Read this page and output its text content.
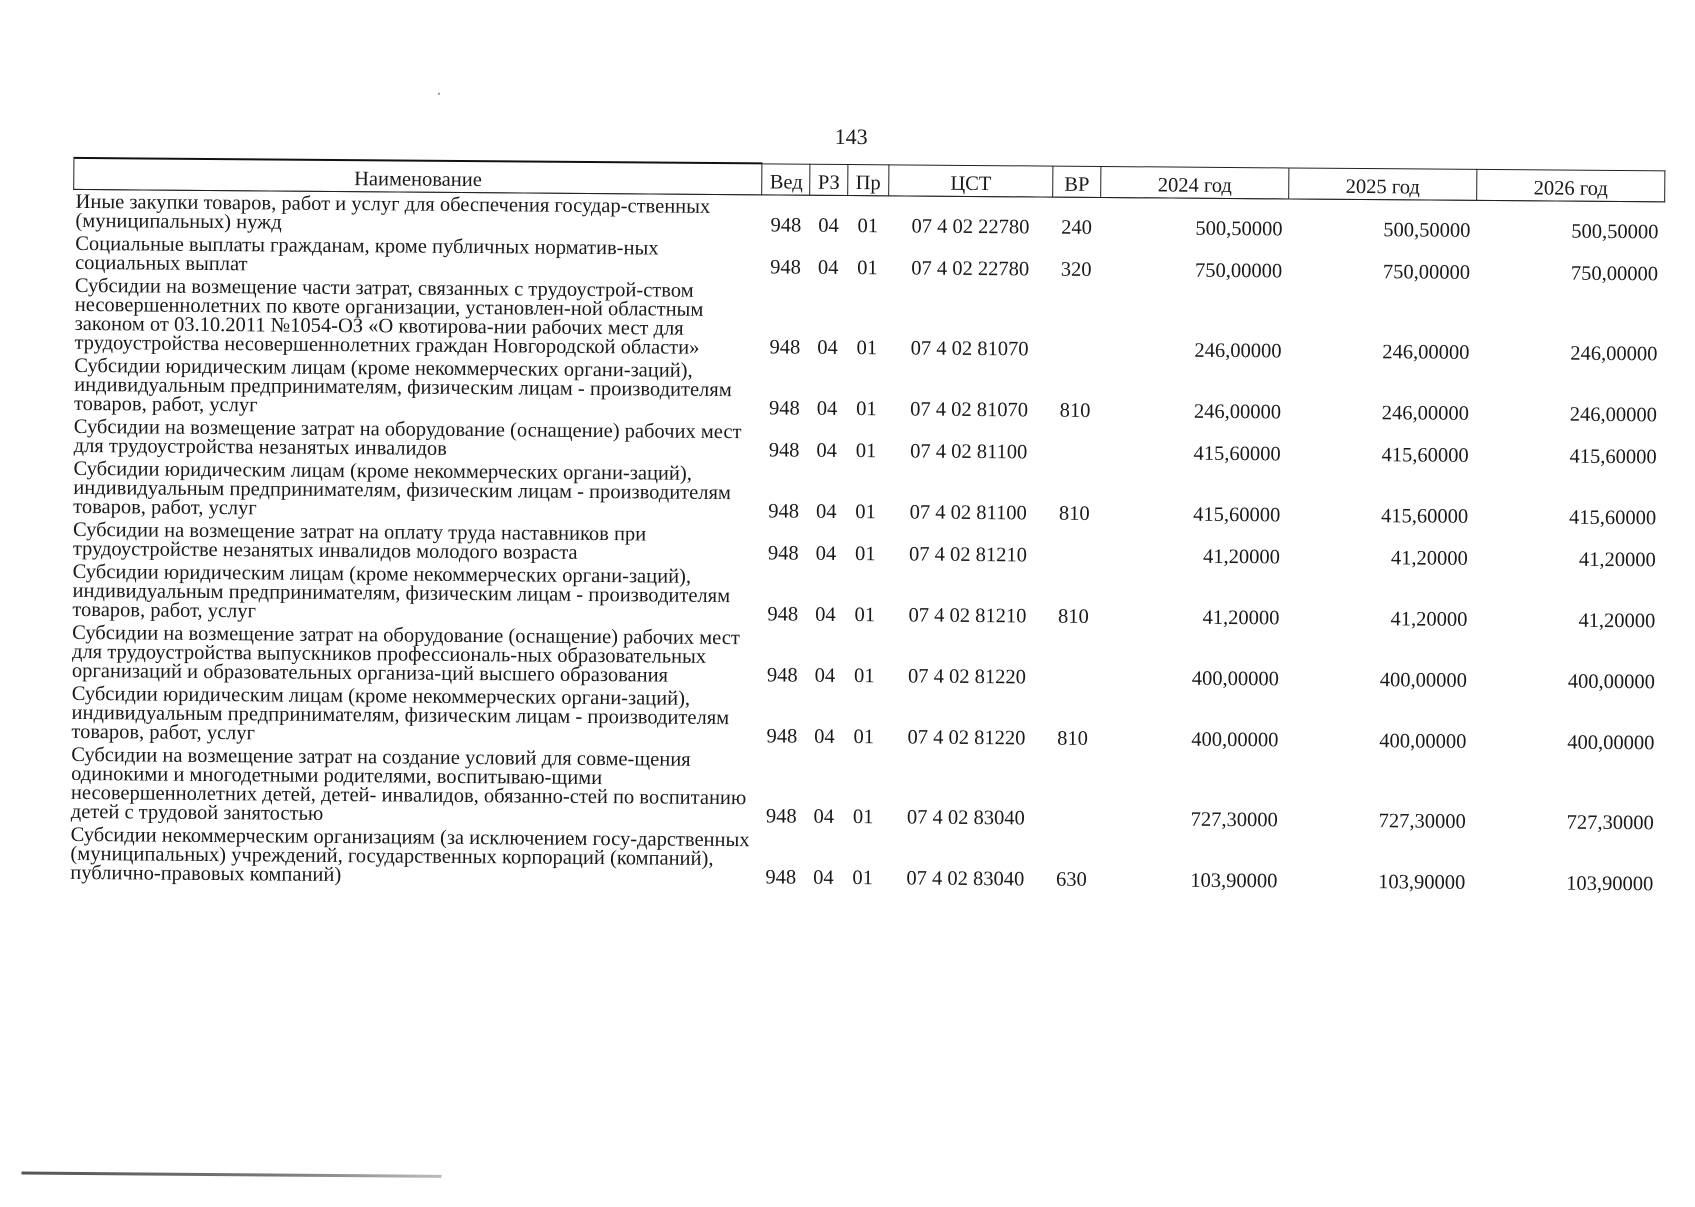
143
Наименование	Вед	РЗ	Пр	ЦСТ	ВР	2024 год	2025 год	2026 год
Иные закупки товаров, работ и услуг для обеспечения государ-ственных (муниципальных) нужд	948	04	01	07 4 02 22780	240	500,50000	500,50000	500,50000
Социальные выплаты гражданам, кроме публичных норматив-ных социальных выплат	948	04	01	07 4 02 22780	320	750,00000	750,00000	750,00000
Субсидии на возмещение части затрат, связанных с трудоустрой-ством несовершеннолетних по квоте организации, установлен-ной областным законом от 03.10.2011 №1054-ОЗ «О квотирова-нии рабочих мест для трудоустройства несовершеннолетних граждан Новгородской области»	948	04	01	07 4 02 81070		246,00000	246,00000	246,00000
Субсидии юридическим лицам (кроме некоммерческих органи-заций), индивидуальным предпринимателям, физическим лицам - производителям товаров, работ, услуг	948	04	01	07 4 02 81070	810	246,00000	246,00000	246,00000
Субсидии на возмещение затрат на оборудование (оснащение) рабочих мест для трудоустройства незанятых инвалидов	948	04	01	07 4 02 81100		415,60000	415,60000	415,60000
Субсидии юридическим лицам (кроме некоммерческих органи-заций), индивидуальным предпринимателям, физическим лицам - производителям товаров, работ, услуг	948	04	01	07 4 02 81100	810	415,60000	415,60000	415,60000
Субсидии на возмещение затрат на оплату труда наставников при трудоустройстве незанятых инвалидов молодого возраста	948	04	01	07 4 02 81210		41,20000	41,20000	41,20000
Субсидии юридическим лицам (кроме некоммерческих органи-заций), индивидуальным предпринимателям, физическим лицам - производителям товаров, работ, услуг	948	04	01	07 4 02 81210	810	41,20000	41,20000	41,20000
Субсидии на возмещение затрат на оборудование (оснащение) рабочих мест для трудоустройства выпускников профессиональ-ных образовательных организаций и образовательных организа-ций высшего образования	948	04	01	07 4 02 81220		400,00000	400,00000	400,00000
Субсидии юридическим лицам (кроме некоммерческих органи-заций), индивидуальным предпринимателям, физическим лицам - производителям товаров, работ, услуг	948	04	01	07 4 02 81220	810	400,00000	400,00000	400,00000
Субсидии на возмещение затрат на создание условий для совме-щения одинокими и многодетными родителями, воспитываю-щими несовершеннолетних детей, детей- инвалидов, обязанно-стей по воспитанию детей с трудовой занятостью	948	04	01	07 4 02 83040		727,30000	727,30000	727,30000
Субсидии некоммерческим организациям (за исключением госу-дарственных (муниципальных) учреждений, государственных корпораций (компаний), публично-правовых компаний)	948	04	01	07 4 02 83040	630	103,90000	103,90000	103,90000
